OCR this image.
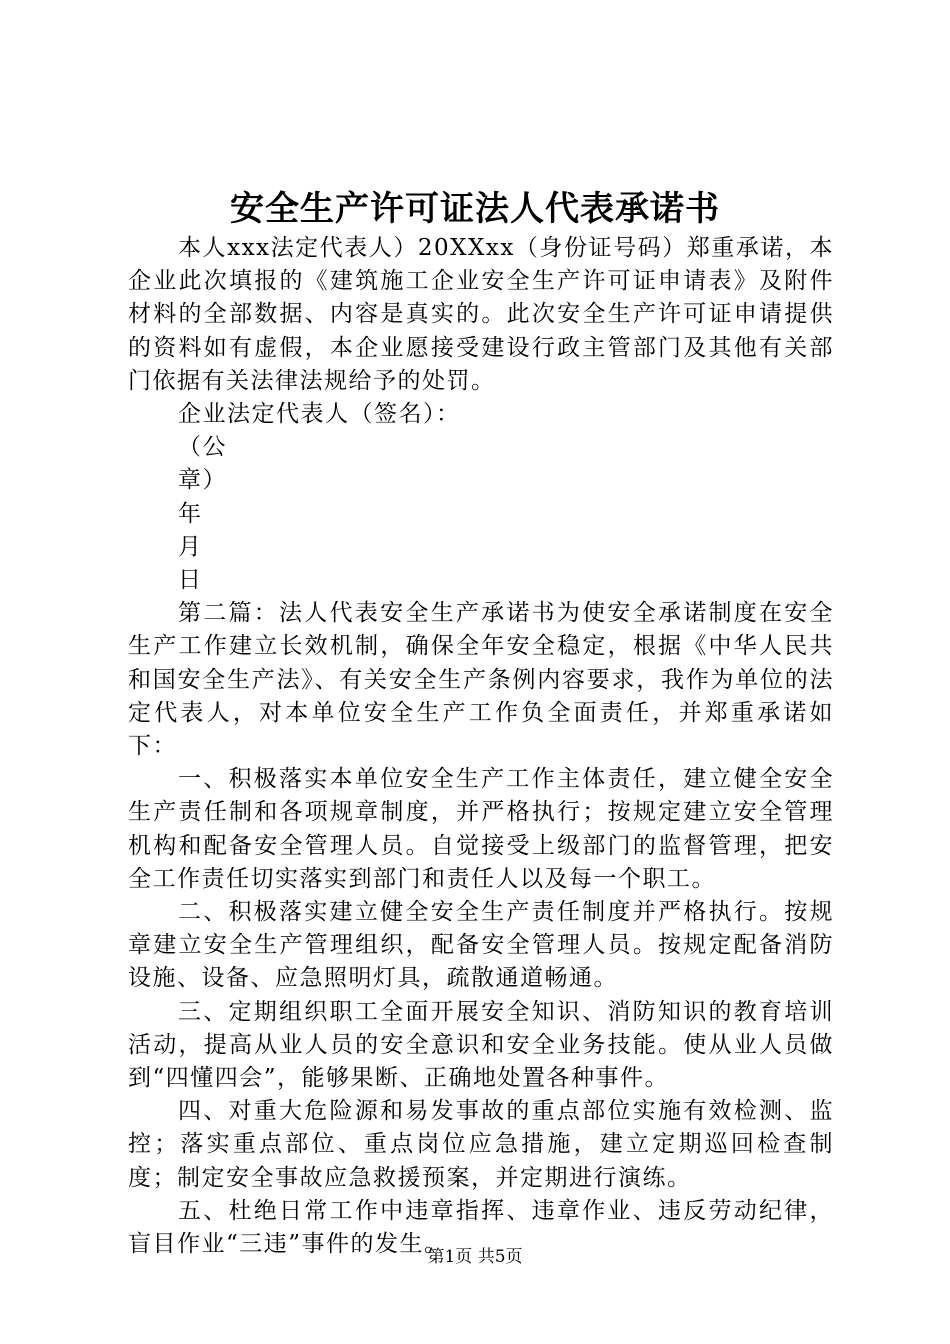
安全生产许可证法人代表承诺书

本人xxx法定代表人）20XXxx（身份证号码）郑重承诺，本企业此次填报的《建筑施工企业安全生产许可证申请表》及附件材料的全部数据、内容是真实的。此次安全生产许可证申请提供的资料如有虚假，本企业愿接受建设行政主管部门及其他有关部门依据有关法律法规给予的处罚。

企业法定代表人（签名）：

（公

章）

年

月

日

第二篇：法人代表安全生产承诺书为使安全承诺制度在安全生产工作建立长效机制，确保全年安全稳定，根据《中华人民共和国安全生产法》、有关安全生产条例内容要求，我作为单位的法定代表人，对本单位安全生产工作负全面责任，并郑重承诺如下：

一、积极落实本单位安全生产工作主体责任，建立健全安全生产责任制和各项规章制度，并严格执行；按规定建立安全管理机构和配备安全管理人员。自觉接受上级部门的监督管理，把安全工作责任切实落实到部门和责任人以及每一个职工。

二、积极落实建立健全安全生产责任制度并严格执行。按规章建立安全生产管理组织，配备安全管理人员。按规定配备消防设施、设备、应急照明灯具，疏散通道畅通。

三、定期组织职工全面开展安全知识、消防知识的教育培训活动，提高从业人员的安全意识和安全业务技能。使从业人员做到“四懂四会”，能够果断、正确地处置各种事件。

四、对重大危险源和易发事故的重点部位实施有效检测、监控；落实重点部位、重点岗位应急措施，建立定期巡回检查制度；制定安全事故应急救援预案，并定期进行演练。

五、杜绝日常工作中违章指挥、违章作业、违反劳动纪律，盲目作业“三违”事件的发生。

第1页 共5页
